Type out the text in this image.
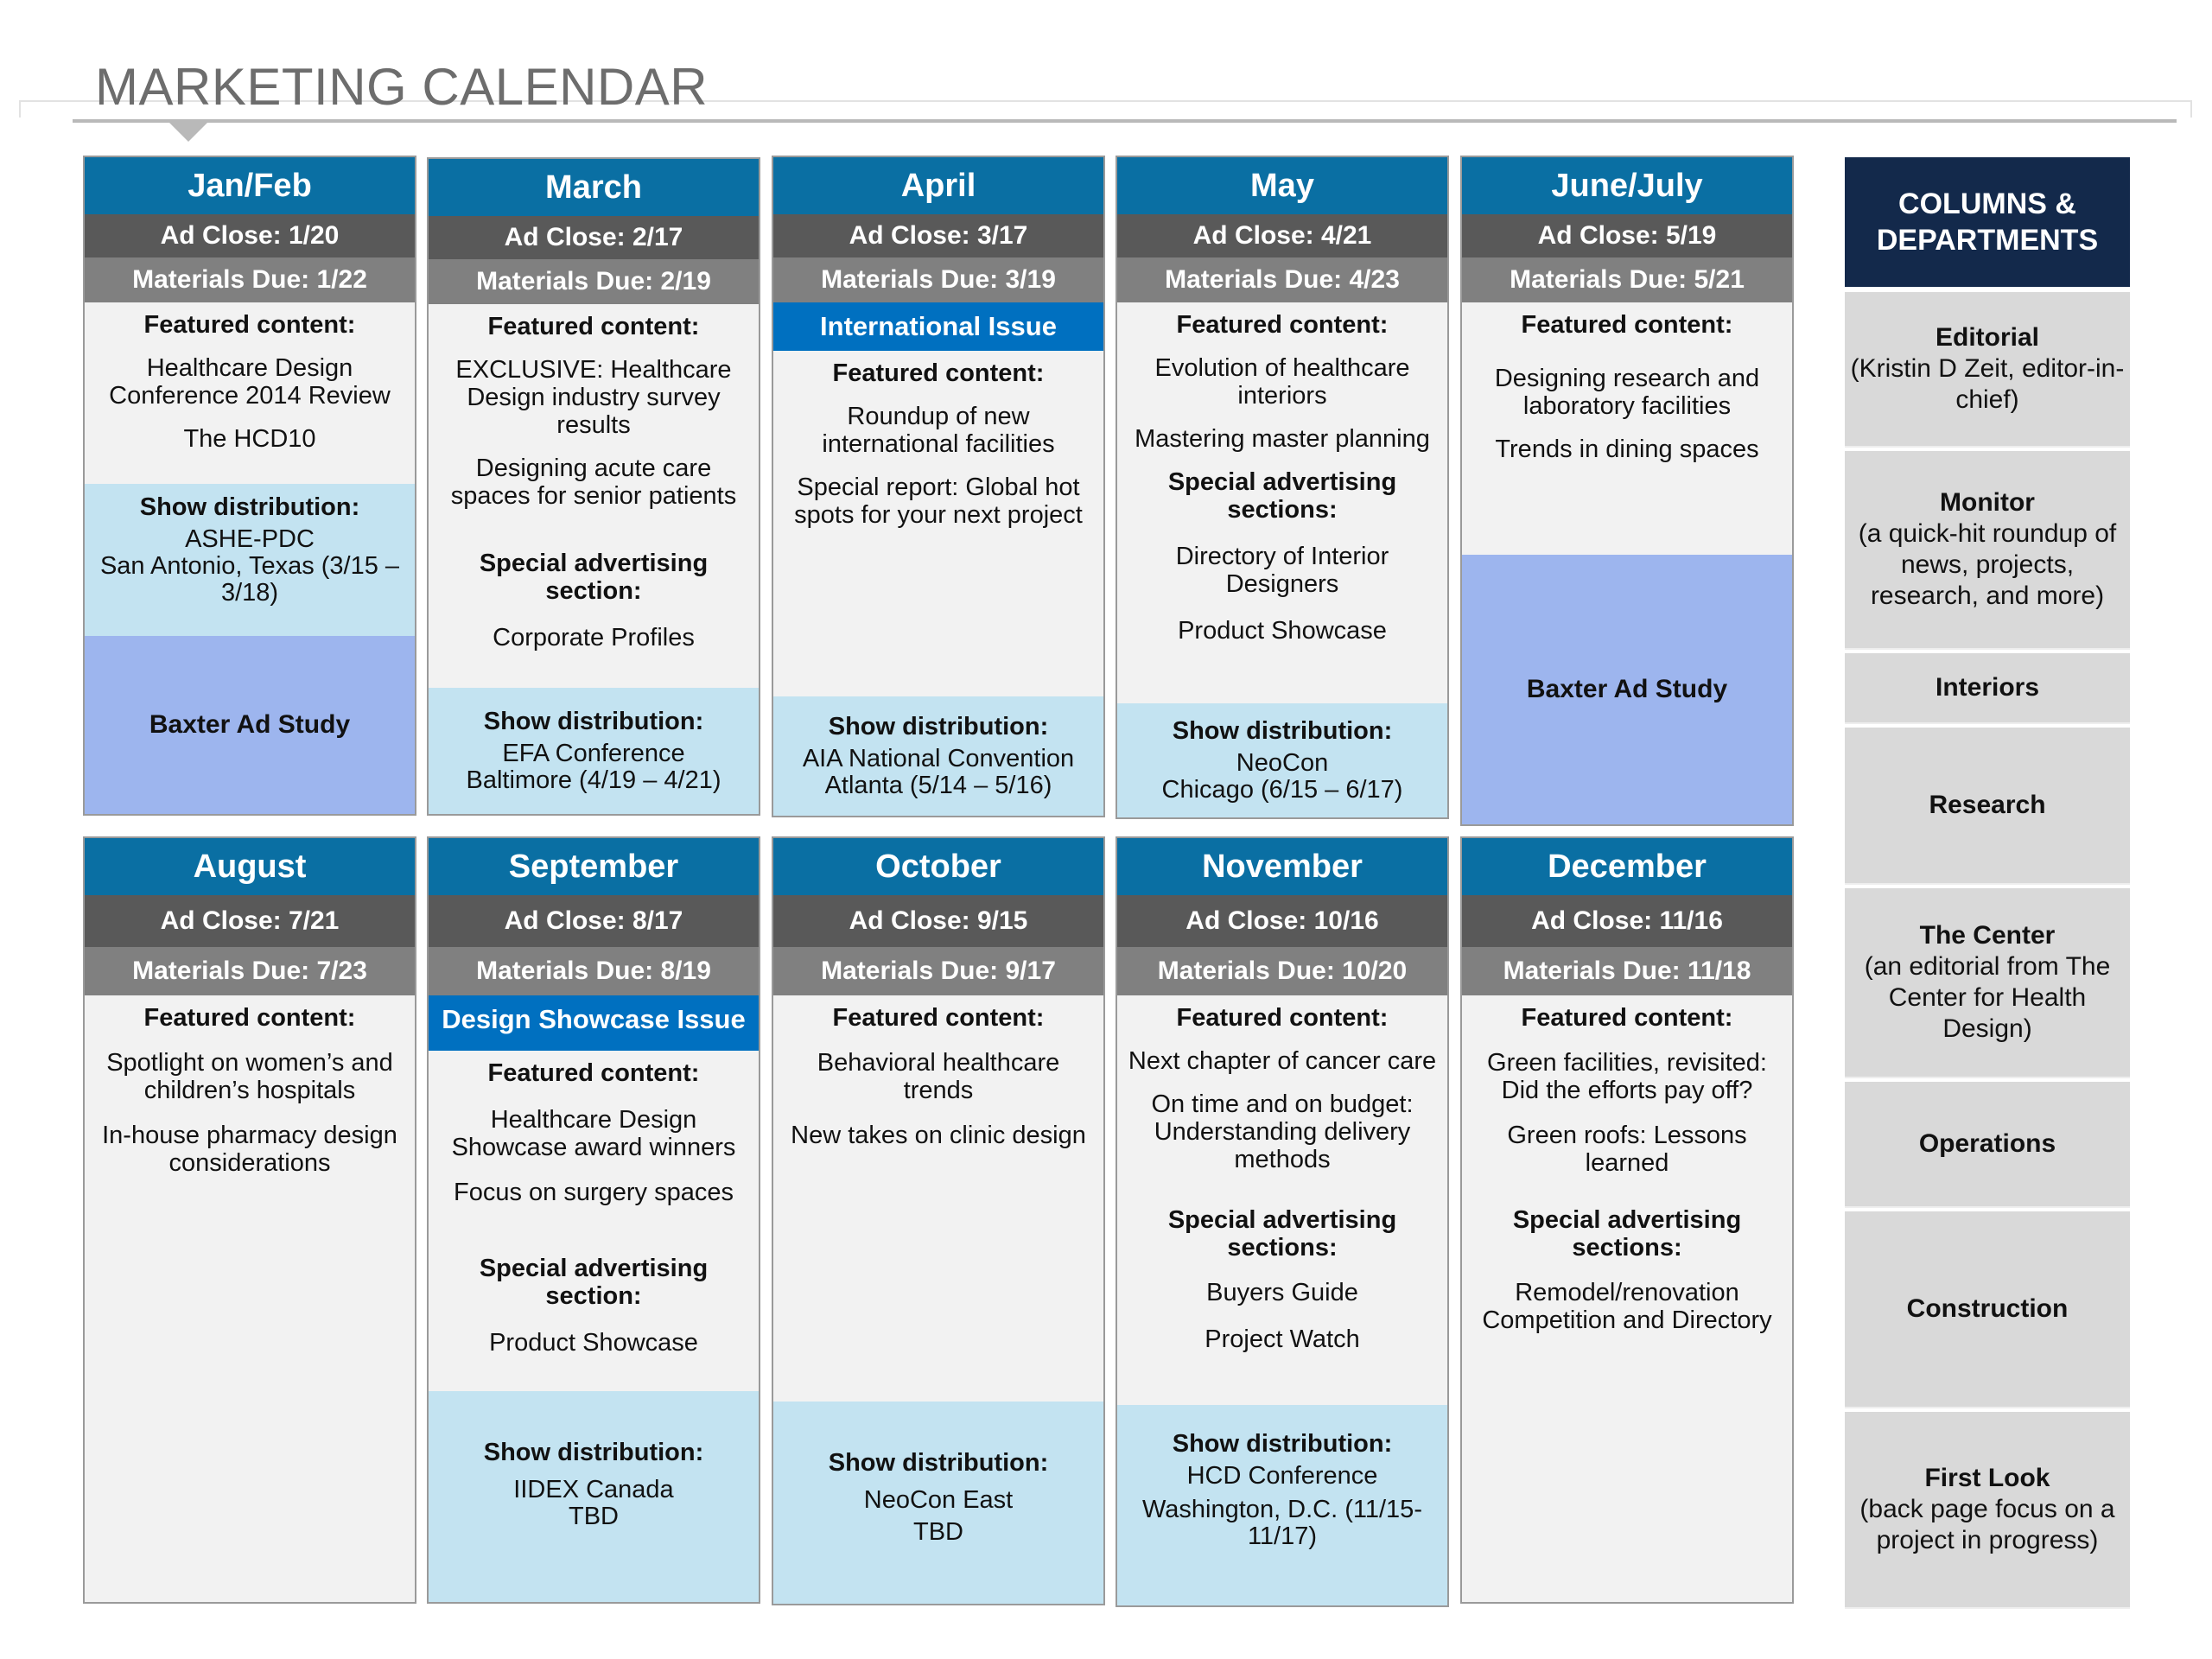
MARKETING CALENDAR
Jan/Feb
Ad Close: 1/20
Materials Due: 1/22
Featured content:
Healthcare Design Conference 2014 Review
The HCD10
Show distribution:
ASHE-PDC
San Antonio, Texas (3/15 – 3/18)
Baxter Ad Study
March
Ad Close: 2/17
Materials Due: 2/19
Featured content:
EXCLUSIVE: Healthcare Design industry survey results
Designing acute care spaces for senior patients
Special advertising section:
Corporate Profiles
Show distribution:
EFA Conference
Baltimore (4/19 – 4/21)
April
Ad Close: 3/17
Materials Due: 3/19
International Issue
Featured content:
Roundup of new international facilities
Special report: Global hot spots for your next project
Show distribution:
AIA National Convention
Atlanta (5/14 – 5/16)
May
Ad Close: 4/21
Materials Due: 4/23
Featured content:
Evolution of healthcare interiors
Mastering master planning
Special advertising sections:
Directory of Interior Designers
Product Showcase
Show distribution:
NeoCon
Chicago (6/15 – 6/17)
June/July
Ad Close: 5/19
Materials Due: 5/21
Featured content:
Designing research and laboratory facilities
Trends in dining spaces
Baxter Ad Study
August
Ad Close: 7/21
Materials Due: 7/23
Featured content:
Spotlight on women’s and children’s hospitals
In-house pharmacy design considerations
September
Ad Close: 8/17
Materials Due: 8/19
Design Showcase Issue
Featured content:
Healthcare Design Showcase award winners
Focus on surgery spaces
Special advertising section:
Product Showcase
Show distribution:
IIDEX Canada
TBD
October
Ad Close: 9/15
Materials Due: 9/17
Featured content:
Behavioral healthcare trends
New takes on clinic design
Show distribution:
NeoCon East
TBD
November
Ad Close: 10/16
Materials Due: 10/20
Featured content:
Next chapter of cancer care
On time and on budget: Understanding delivery methods
Special advertising sections:
Buyers Guide
Project Watch
Show distribution:
HCD Conference
Washington, D.C. (11/15-11/17)
December
Ad Close: 11/16
Materials Due: 11/18
Featured content:
Green facilities, revisited: Did the efforts pay off?
Green roofs: Lessons learned
Special advertising sections:
Remodel/renovation Competition and Directory
COLUMNS &
DEPARTMENTS
Editorial
(Kristin D Zeit, editor-in-chief)
Monitor
(a quick-hit roundup of news, projects, research, and more)
Interiors
Research
The Center
(an editorial from The Center for Health Design)
Operations
Construction
First Look
(back page focus on a project in progress)
